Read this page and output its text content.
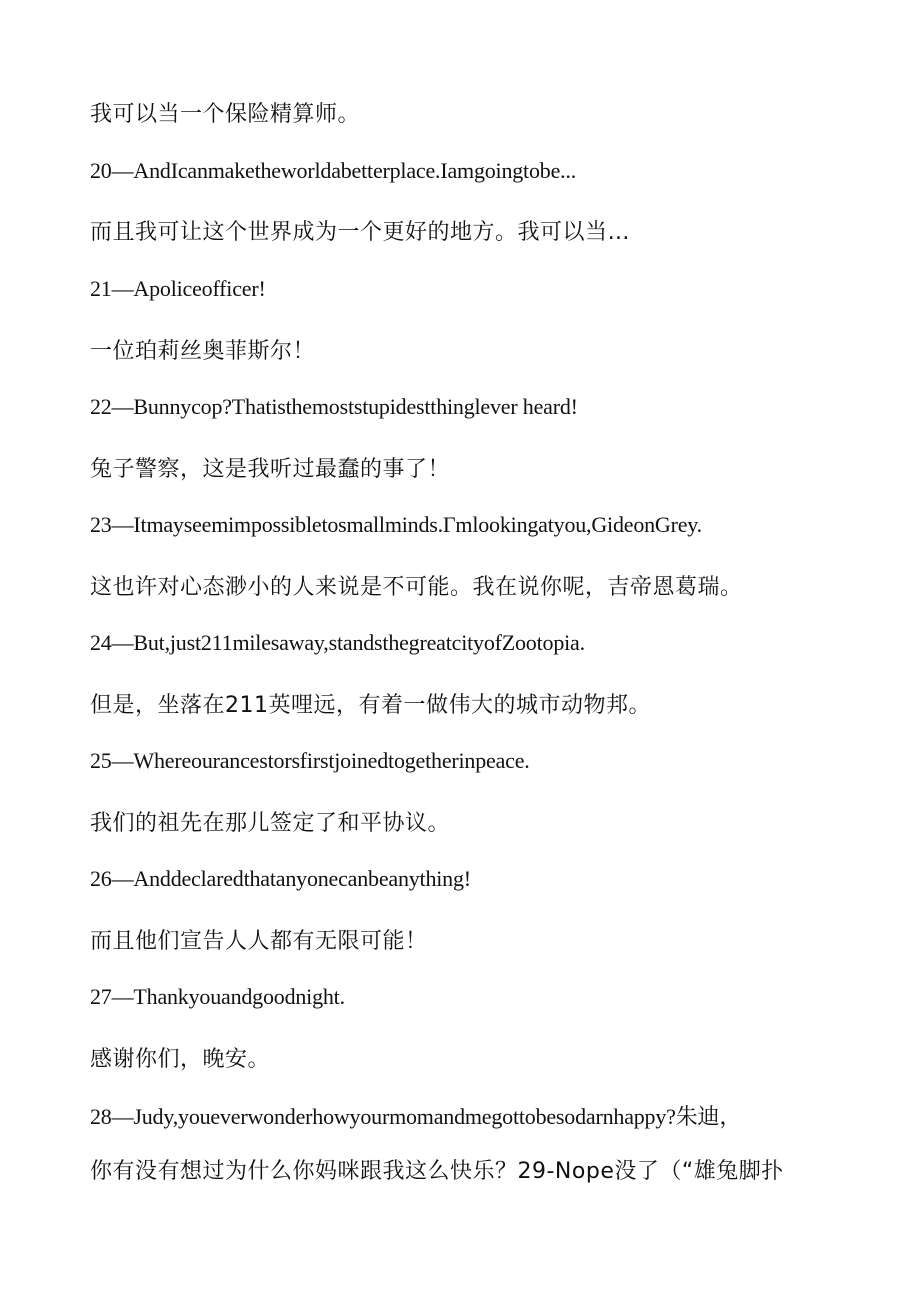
我可以当一个保险精算师。
20—AndIcanmaketheworldabetterplace.Iamgoingtobe...
而且我可让这个世界成为一个更好的地方。我可以当…
21—Apoliceofficer!
一位珀莉丝奥菲斯尔！
22—Bunnycop?Thatisthemoststupidestthinglever heard!
兔子警察，这是我听过最蠢的事了！
23—Itmayseemimpossibletosmallminds.Γmlookingatyou,GideonGrey.
这也许对心态渺小的人来说是不可能。我在说你呢，吉帝恩葛瑞。
24—But,just211milesaway,standsthegreatcityofZootopia.
但是，坐落在211英哩远，有着一做伟大的城市动物邦。
25—Whereourancestorsfirstjoinedtogetherinpeace.
我们的祖先在那儿签定了和平协议。
26—Anddeclaredthatanyonecanbeanything!
而且他们宣告人人都有无限可能！
27—Thankyouandgoodnight.
感谢你们，晚安。
28—Judy,youeverwonderhowyourmomandmegottobesodarnhappy?朱迪，
你有没有想过为什么你妈咪跟我这么快乐？29-Nope没了（“雄兔脚扑
